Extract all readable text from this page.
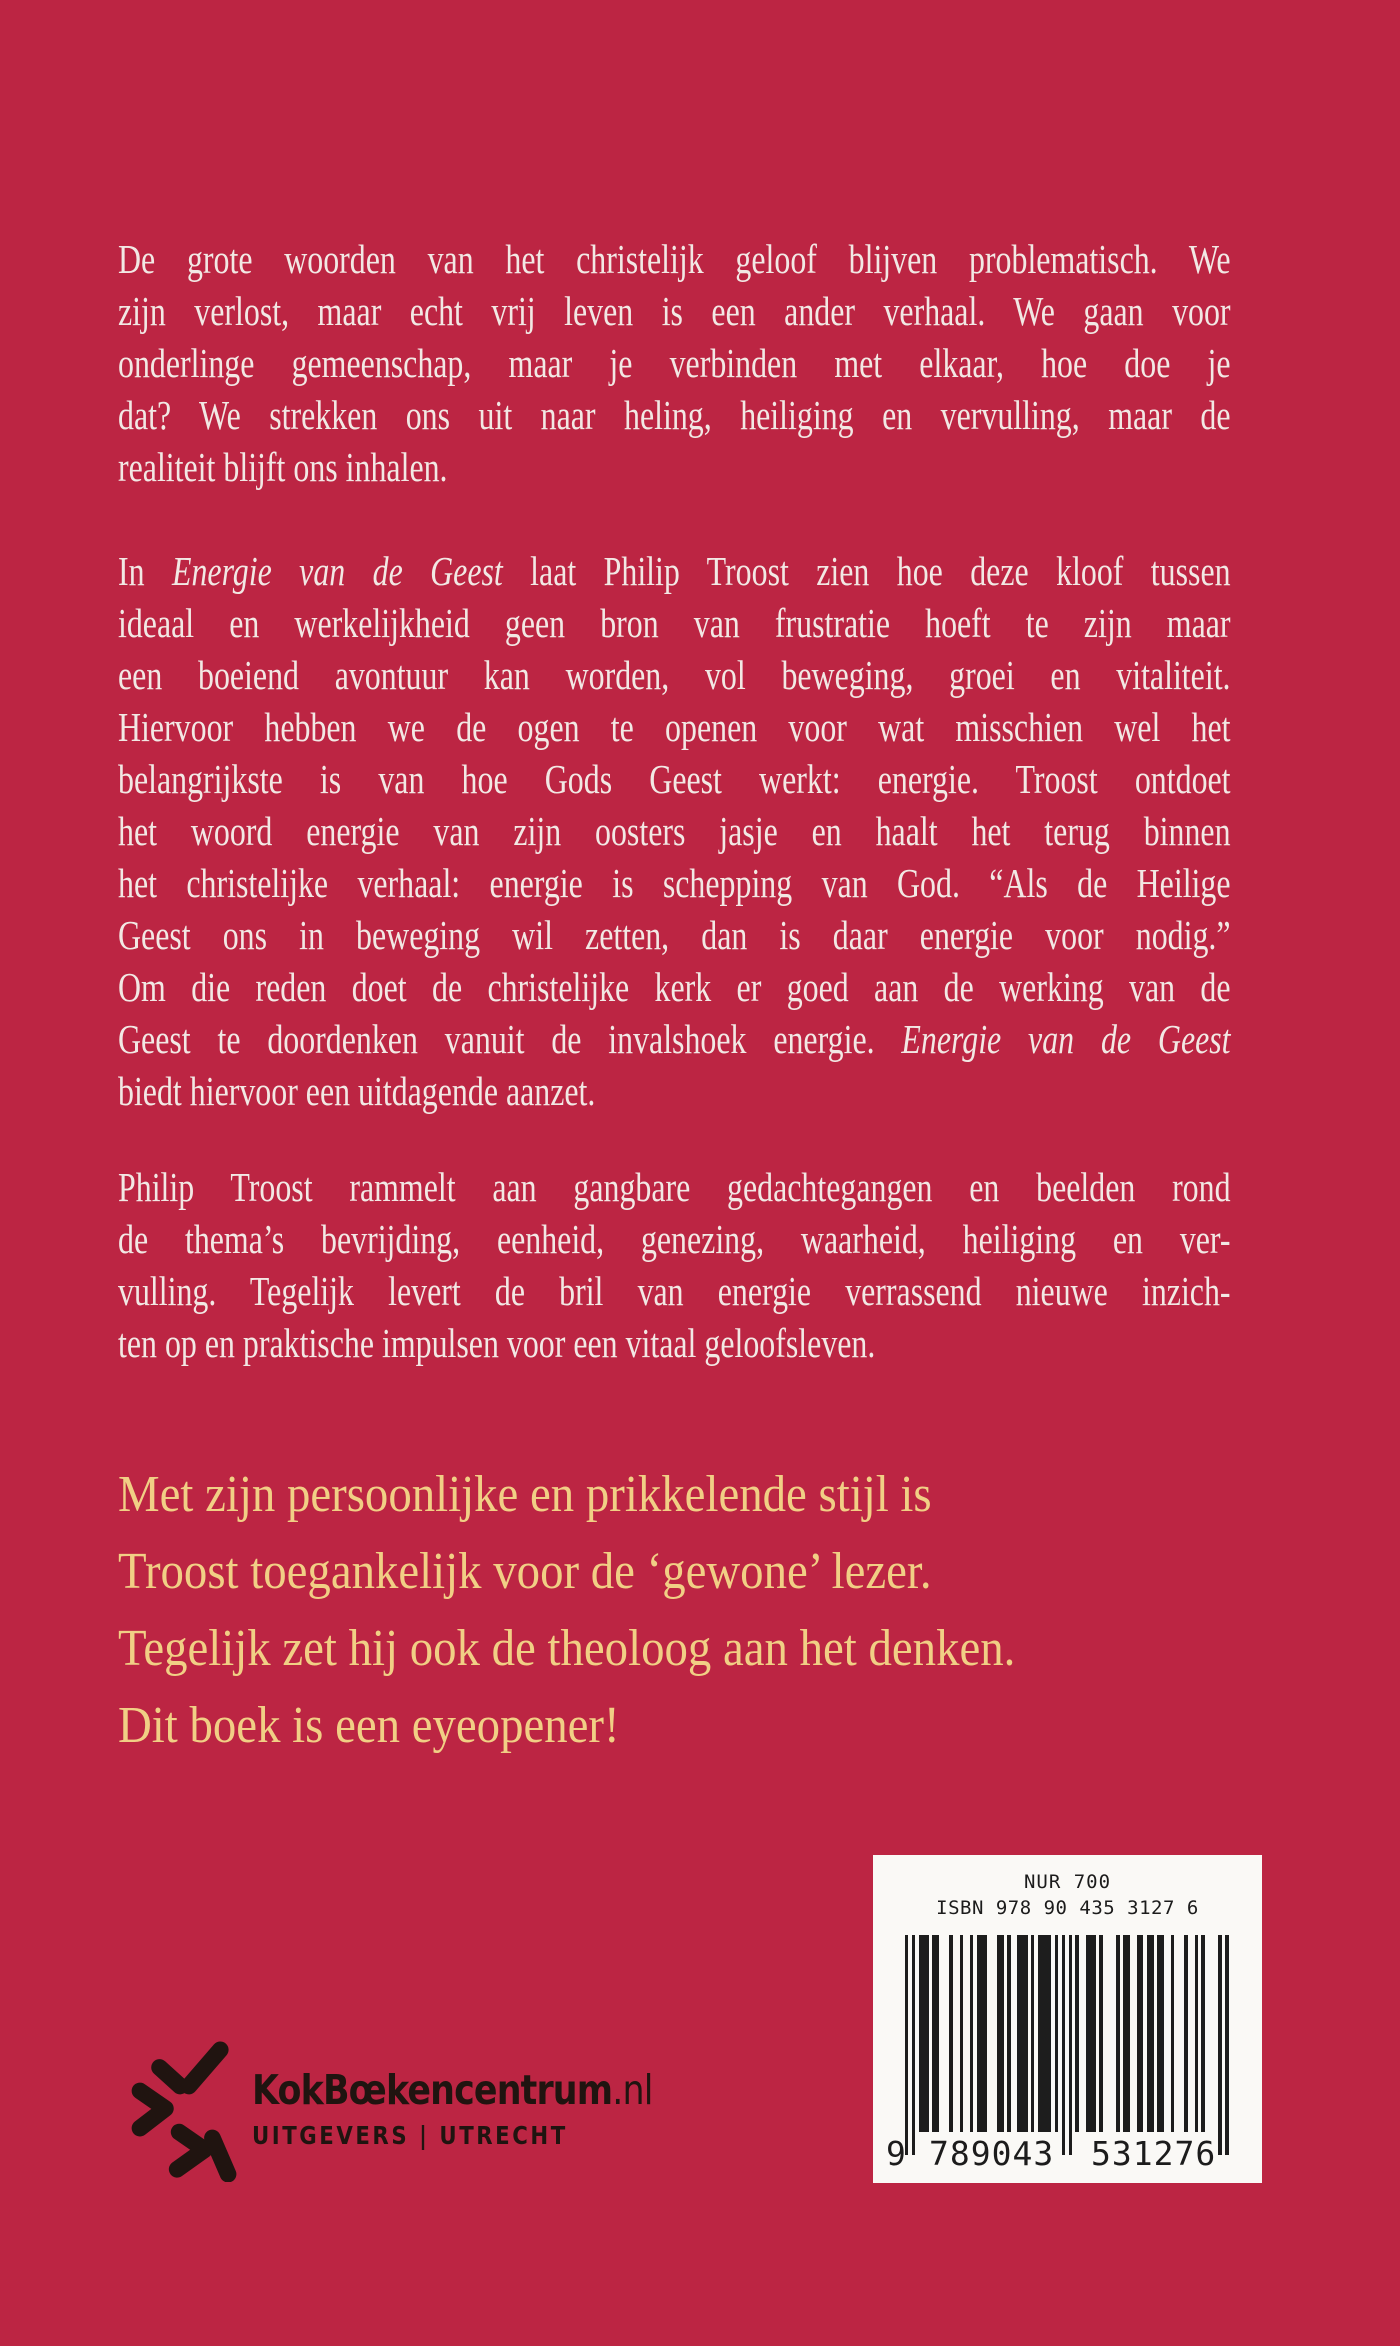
De grote woorden van het christelijk geloof blijven problematisch. We
zijn verlost, maar echt vrij leven is een ander verhaal. We gaan voor
onderlinge gemeenschap, maar je verbinden met elkaar, hoe doe je
dat? We strekken ons uit naar heling, heiliging en vervulling, maar de
realiteit blijft ons inhalen.
In Energie van de Geest laat Philip Troost zien hoe deze kloof tussen
ideaal en werkelijkheid geen bron van frustratie hoeft te zijn maar
een boeiend avontuur kan worden, vol beweging, groei en vitaliteit.
Hiervoor hebben we de ogen te openen voor wat misschien wel het
belangrijkste is van hoe Gods Geest werkt: energie. Troost ontdoet
het woord energie van zijn oosters jasje en haalt het terug binnen
het christelijke verhaal: energie is schepping van God. “Als de Heilige
Geest ons in beweging wil zetten, dan is daar energie voor nodig.”
Om die reden doet de christelijke kerk er goed aan de werking van de
Geest te doordenken vanuit de invalshoek energie. Energie van de Geest
biedt hiervoor een uitdagende aanzet.
Philip Troost rammelt aan gangbare gedachtegangen en beelden rond
de thema’s bevrijding, eenheid, genezing, waarheid, heiliging en ver-
vulling. Tegelijk levert de bril van energie verrassend nieuwe inzich-
ten op en praktische impulsen voor een vitaal geloofsleven.
Met zijn persoonlijke en prikkelende stijl is
Troost toegankelijk voor de ‘gewone’ lezer.
Tegelijk zet hij ook de theoloog aan het denken.
Dit boek is een eyeopener!
NUR 700
ISBN 978 90 435 3127 6
9 789043 531276
KokBœkencentrum.nl
UITGEVERS | UTRECHT
